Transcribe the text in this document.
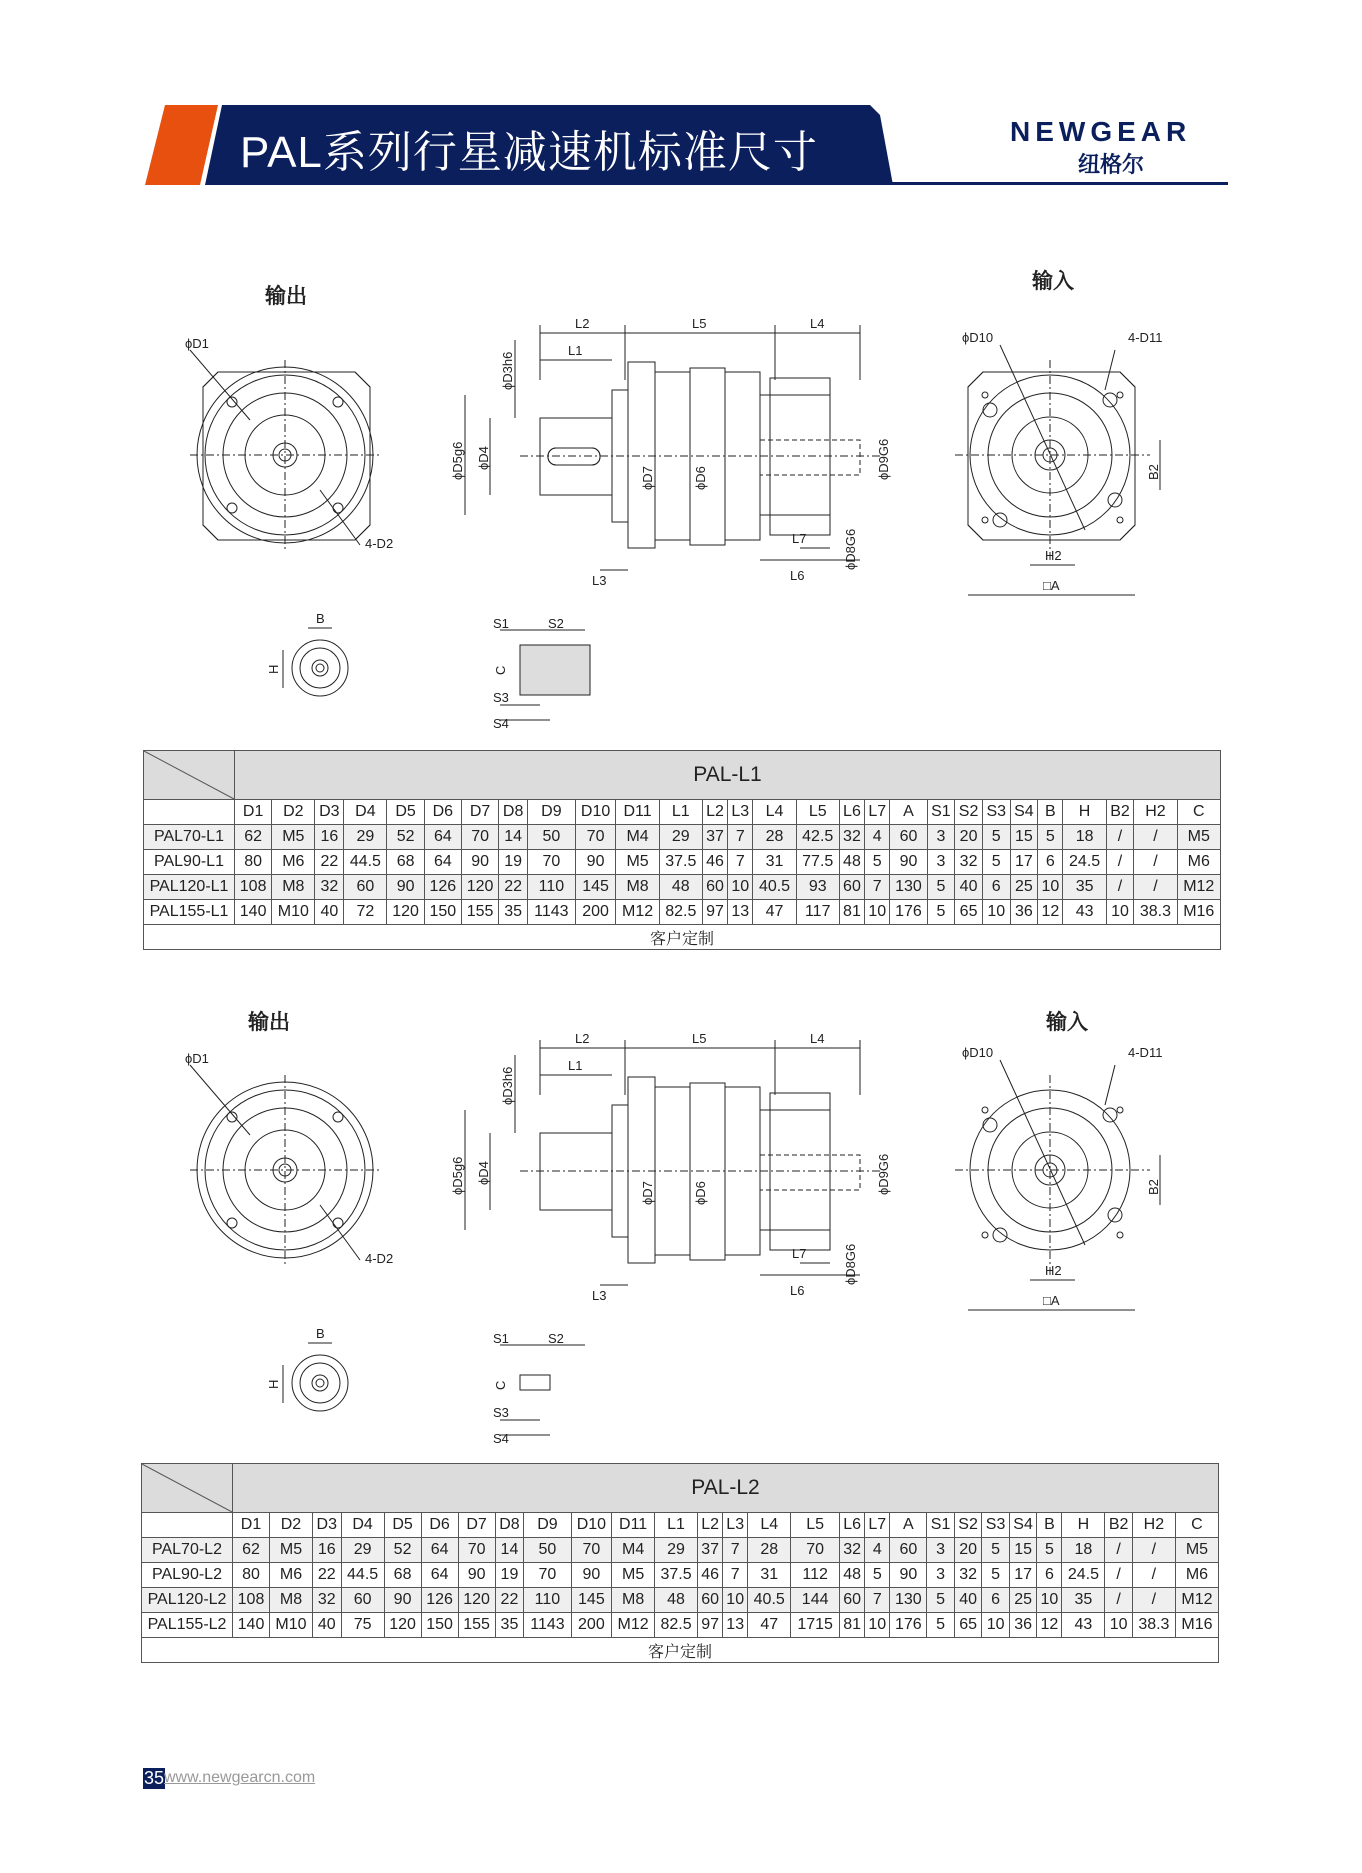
PAL系列行星减速机标准尺寸	NEWGEAR
纽格尔
输出
输入
输出	输入
ϕD1
4-D2
L2	L5	L4
L1
L3	L6
L7
ϕD5g6 ϕD4
ϕD3h6
ϕD7	ϕD6
ϕD8G6
ϕD9G6
ϕD10	4-D11
H2
□A
B2
B
H
S1	S2
C
S3
S4
ϕD1
4-D2
L2	L5	L4
L1
L3	L6
L7
ϕD5g6 ϕD4
ϕD3h6
ϕD7	ϕD6
ϕD8G6
ϕD9G6
ϕD10	4-D11
H2
□A
B2
B
H
S1	S2
C
S3
S4
	PAL-L1																											
	D1	D2	D3	D4	D5	D6	D7	D8	D9	D10	D11	L1	L2	L3	L4	L5	L6	L7	A	S1	S2	S3	S4	B	H	B2	H2	C
PAL70-L1	62	M5	16	29	52	64	70	14	50	70	M4	29	37	7	28	42.5	32	4	60	3	20	5	15	5	18	/	/	M5
PAL90-L1	80	M6	22	44.5	68	64	90	19	70	90	M5	37.5	46	7	31	77.5	48	5	90	3	32	5	17	6	24.5	/	/	M6
PAL120-L1	108	M8	32	60	90	126	120	22	110	145	M8	48	60	10	40.5	93	60	7	130	5	40	6	25	10	35	/	/	M12
PAL155-L1	140	M10	40	72	120	150	155	35	1143	200	M12	82.5	97	13	47	117	81	10	176	5	65	10	36	12	43	10	38.3	M16
客户定制																												
	PAL-L2																											
	D1	D2	D3	D4	D5	D6	D7	D8	D9	D10	D11	L1	L2	L3	L4	L5	L6	L7	A	S1	S2	S3	S4	B	H	B2	H2	C
PAL70-L2	62	M5	16	29	52	64	70	14	50	70	M4	29	37	7	28	70	32	4	60	3	20	5	15	5	18	/	/	M5
PAL90-L2	80	M6	22	44.5	68	64	90	19	70	90	M5	37.5	46	7	31	112	48	5	90	3	32	5	17	6	24.5	/	/	M6
PAL120-L2	108	M8	32	60	90	126	120	22	110	145	M8	48	60	10	40.5	144	60	7	130	5	40	6	25	10	35	/	/	M12
PAL155-L2	140	M10	40	75	120	150	155	35	1143	200	M12	82.5	97	13	47	1715	81	10	176	5	65	10	36	12	43	10	38.3	M16
客户定制																												
35 www.newgearcn.com
